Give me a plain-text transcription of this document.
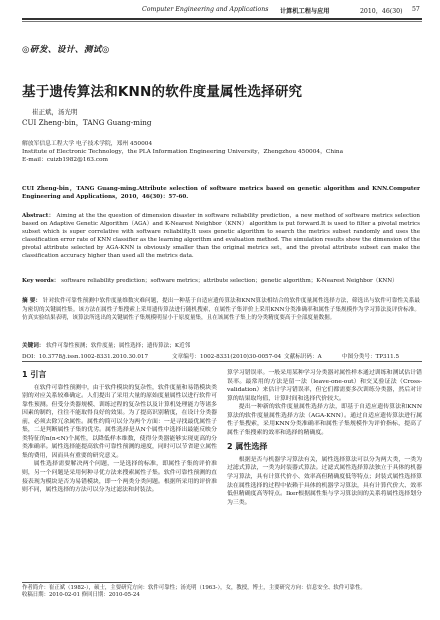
Computer Engineering and Applications 计算机工程与应用	2010，46(30) 57
◎研发、设计、测试◎
基于遗传算法和KNN的软件度量属性选择研究
崔正斌，汤光明
CUI Zheng-bin，TANG Guang-ming
解放军信息工程大学 电子技术学院，郑州 450004
Institute of Electronic Technology，the PLA Information Engineering University，Zhengzhou 450004，China
E-mail：cuizb1982@163.com
CUI Zheng-bin，TANG Guang-ming.Attribute selection of software metrics based on genetic algorithm and KNN.Computer Engineering and Applications，2010，46(30)：57-60.
Abstract： Aiming at the the question of dimension disaster in software reliability prediction，a new method of software metrics selection based on Adaptive Genetic Algorithm（AGA）and K-Nearest Neighbor（KNN） algorithm is put forward.It is used to filter a pivotal metrics subset which is super correlative with software reliability.It uses genetic algorithm to search the metrics subset randomly and uses the classification error rate of KNN classifier as the learning algorithm and evaluation method. The simulation results show the dimension of the pivotal attribute selected by AGA-KNN is obviously smaller than the original metrics set，and the pivotal attribute subset can make the classification accuracy higher than used all the metrics data.
Key words： software reliability prediction；software metrics；attribute selection；genetic algorithm；K-Nearest Neighbor（KNN）
摘 要： 针对软件可靠性预测中软件度量维数灾难问题，提出一种基于自适应遗传算法和KNN算法相结合的软件度量属性选择方法，筛选出与软件可靠性关系最为密切的关键属性集。该方法在属性子集搜索上采用遗传算法进行随机搜索，在属性子集评价上采用KNN分类准确率和属性子集规模作为学习算法及评价标准。仿真实验结果表明，该算法所选出的关键属性子集规模明显小于原度量集，且在该属性子集上的分类精度要高于全部度量数据。
关键词： 软件可靠性预测；软件度量；属性选择；遗传算法；K近邻
DOI：10.3778/j.issn.1002-8331.2010.30.017	文章编号：1002-8331(2010)30-0057-04 文献标识码：A	中图分类号：TP311.5
1 引言

在软件可靠性预测中，由于软件模块的复杂性，软件度量和易错模块类别的对应关系较难确定。人们提出了采用大量的原始度量属性以进行软件可靠性预测。但受分类器规模、训练过程的复杂性以及计算机处理能力等诸多因素的制约，往往不能取得良好的效果。为了提高识别精度，在设计分类器前，必须去除冗余属性。属性约简可以分为两个方面：一是寻找最优属性子集，二是判断属性子集的优劣。属性选择是从N个属性中选择出最能反映分类特征的n(n<N)个属性，以降低样本维数，使得分类器能够实现更高的分类准确率。属性选择能提高软件可靠性预测的速度，同时可以节省建立属性集的费用，因而具有重要的研究意义。

属性选择需要解决两个问题，一是选择的标准，即属性子集的评价准则，另一个问题是采用何种寻优方法来搜索属性子集。软件可靠性预测的直接表现为模块是否为易错模块，即一个两类分类问题。根据所采用的评价准则不同，属性选择的方法可以分为过滤法和封装法。

算学习错误率。一般采用某种学习分类器对属性样本通过训练和测试估计错误率。最常用的方法是留一法（leave-one-out）和交叉验证法（Cross-validation）来估计学习错误率，但它们都需要多次训练分类器，然后对计算的结果取均值，计算时间和选择代价较大。

提出一种新的软件度量属性选择方法，即基于自适应遗传算法和KNN算法的软件度量属性选择方法（AGA-KNN）。通过自适应遗传算法进行属性子集搜索，采用KNN分类准确率和属性子集规模作为评价指标，提高了属性子集搜索的效率和选择的精确度。

2 属性选择

根据是否与机器学习算法有关，属性选择算法可以分为两大类，一类为过滤式算法，一类为封装器式算法。过滤式属性选择算法独立于具体的机器学习算法，具有计算代价小、效率高但精确度低等特点；封装式属性选择算法在属性选择的过程中依赖于具体的机器学习算法，具有计算代价大、效率低但精确度高等特点。Iker根据属性集与学习算法间的关系将属性选择划分为三类。

作者简介：崔正斌（1982-），硕士，主要研究方向：软件可靠性；汤光明（1963-），女，教授，博士，主要研究方向：信息安全、软件可靠性。
收稿日期：2010-02-01 修回日期：2010-05-24
